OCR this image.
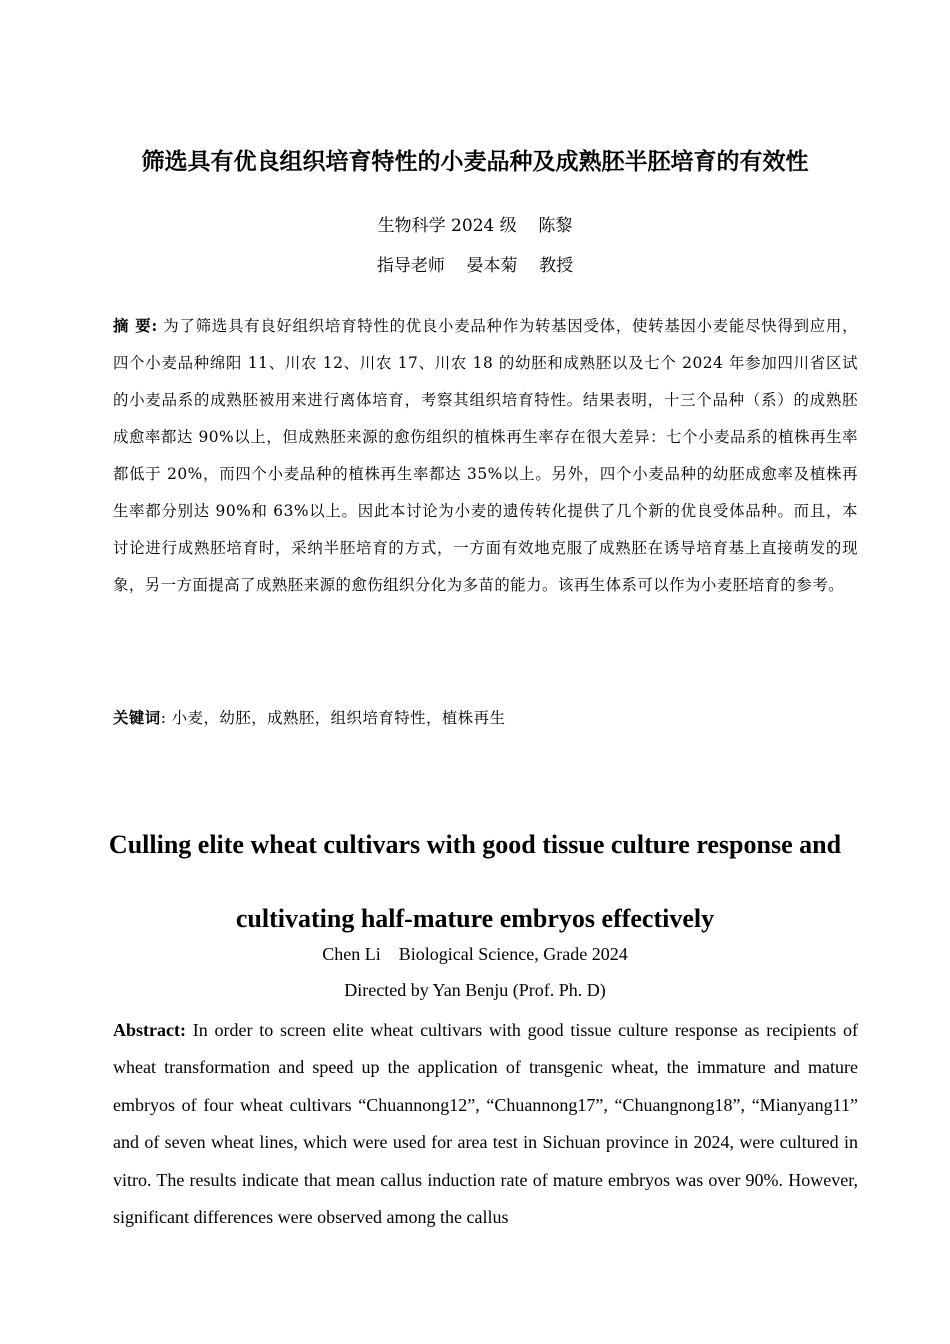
筛选具有优良组织培育特性的小麦品种及成熟胚半胚培育的有效性
生物科学 2024 级    陈黎
指导老师    晏本菊    教授
摘 要: 为了筛选具有良好组织培育特性的优良小麦品种作为转基因受体，使转基因小麦能尽快得到应用，四个小麦品种绵阳 11、川农 12、川农 17、川农 18 的幼胚和成熟胚以及七个 2024 年参加四川省区试的小麦品系的成熟胚被用来进行离体培育，考察其组织培育特性。结果表明，十三个品种（系）的成熟胚成愈率都达 90%以上，但成熟胚来源的愈伤组织的植株再生率存在很大差异：七个小麦品系的植株再生率都低于 20%，而四个小麦品种的植株再生率都达 35%以上。另外，四个小麦品种的幼胚成愈率及植株再生率都分别达 90%和 63%以上。因此本讨论为小麦的遗传转化提供了几个新的优良受体品种。而且，本讨论进行成熟胚培育时，采纳半胚培育的方式，一方面有效地克服了成熟胚在诱导培育基上直接萌发的现象，另一方面提高了成熟胚来源的愈伤组织分化为多苗的能力。该再生体系可以作为小麦胚培育的参考。
关键词: 小麦，幼胚，成熟胚，组织培育特性，植株再生
Culling elite wheat cultivars with good tissue culture response and cultivating half-mature embryos effectively
Chen Li    Biological Science, Grade 2024
Directed by Yan Benju (Prof. Ph. D)
Abstract: In order to screen elite wheat cultivars with good tissue culture response as recipients of wheat transformation and speed up the application of transgenic wheat, the immature and mature embryos of four wheat cultivars “Chuannong12”, “Chuannong17”, “Chuangnong18”, “Mianyang11” and of seven wheat lines, which were used for area test in Sichuan province in 2024, were cultured in vitro. The results indicate that mean callus induction rate of mature embryos was over 90%. However, significant differences were observed among the callus
